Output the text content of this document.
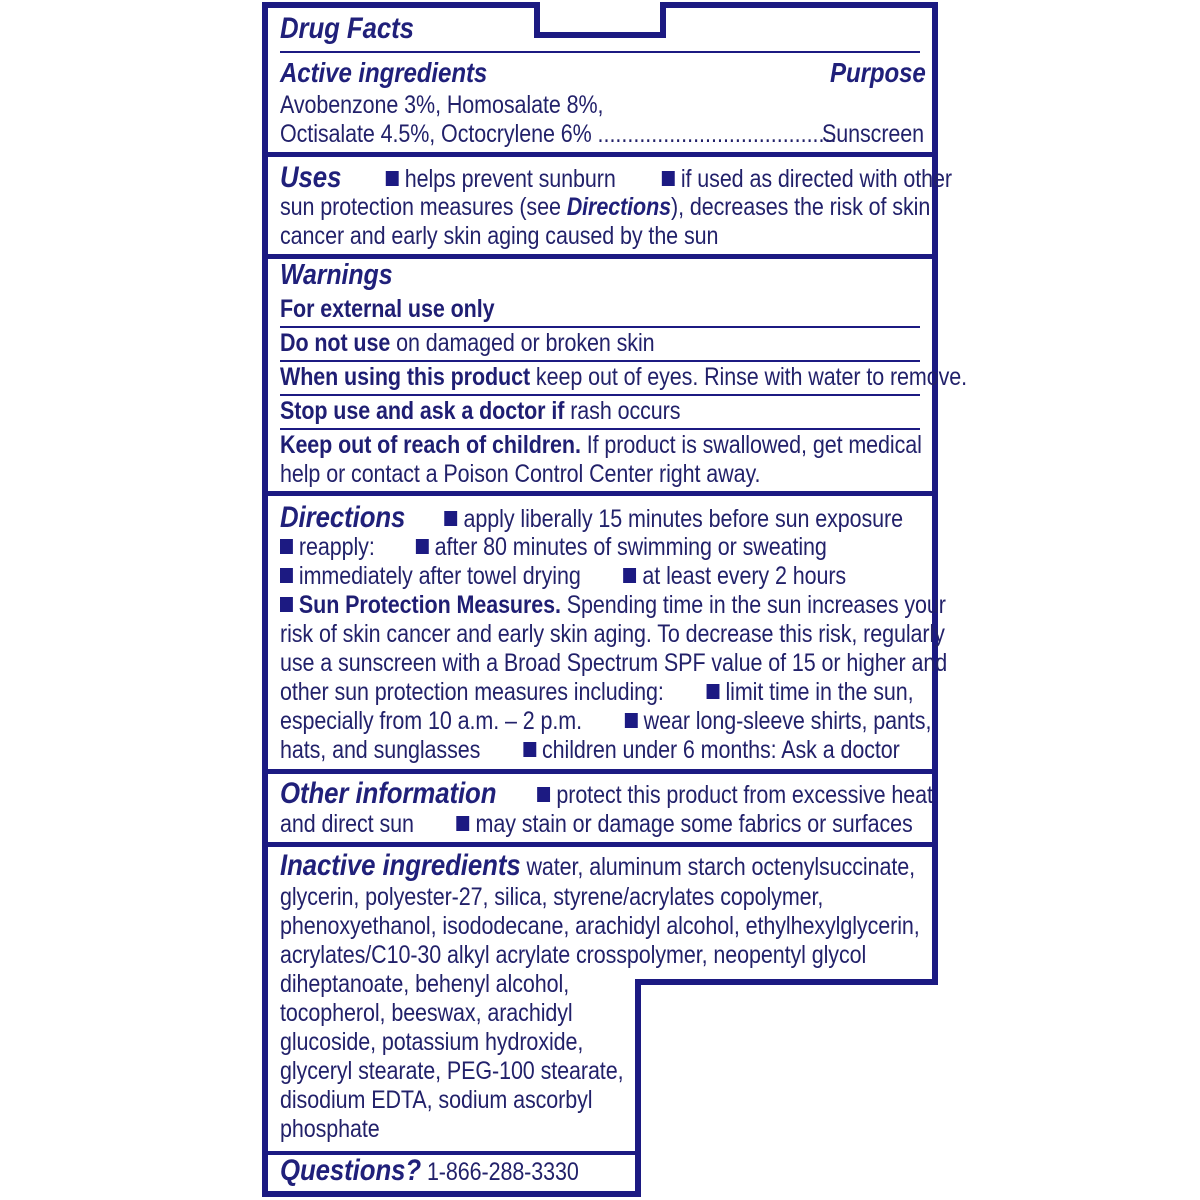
Drug Facts
Active ingredients	Purpose
Avobenzone 3%, Homosalate 8%,
Octisalate 4.5%, Octocrylene 6% ........................................
Sunscreen
Uses	helps prevent sunburn	if used as directed with other
sun protection measures (see Directions), decreases the risk of skin
cancer and early skin aging caused by the sun
Warnings
For external use only
Do not use on damaged or broken skin
When using this product keep out of eyes. Rinse with water to remove.
Stop use and ask a doctor if rash occurs
Keep out of reach of children. If product is swallowed, get medical
help or contact a Poison Control Center right away.
Directions apply liberally 15 minutes before sun exposure
reapply: after 80 minutes of swimming or sweating
immediately after towel drying at least every 2 hours
Sun Protection Measures. Spending time in the sun increases your
risk of skin cancer and early skin aging. To decrease this risk, regularly
use a sunscreen with a Broad Spectrum SPF value of 15 or higher and
other sun protection measures including: limit time in the sun,
especially from 10 a.m. – 2 p.m. wear long-sleeve shirts, pants,
hats, and sunglasses children under 6 months: Ask a doctor
Other information protect this product from excessive heat
and direct sun may stain or damage some fabrics or surfaces
Inactive ingredients water, aluminum starch octenylsuccinate,
glycerin, polyester-27, silica, styrene/acrylates copolymer,
phenoxyethanol, isododecane, arachidyl alcohol, ethylhexylglycerin,
acrylates/C10-30 alkyl acrylate crosspolymer, neopentyl glycol
diheptanoate, behenyl alcohol,
tocopherol, beeswax, arachidyl
glucoside, potassium hydroxide,
glyceryl stearate, PEG-100 stearate,
disodium EDTA, sodium ascorbyl
phosphate
Questions? 1-866-288-3330
